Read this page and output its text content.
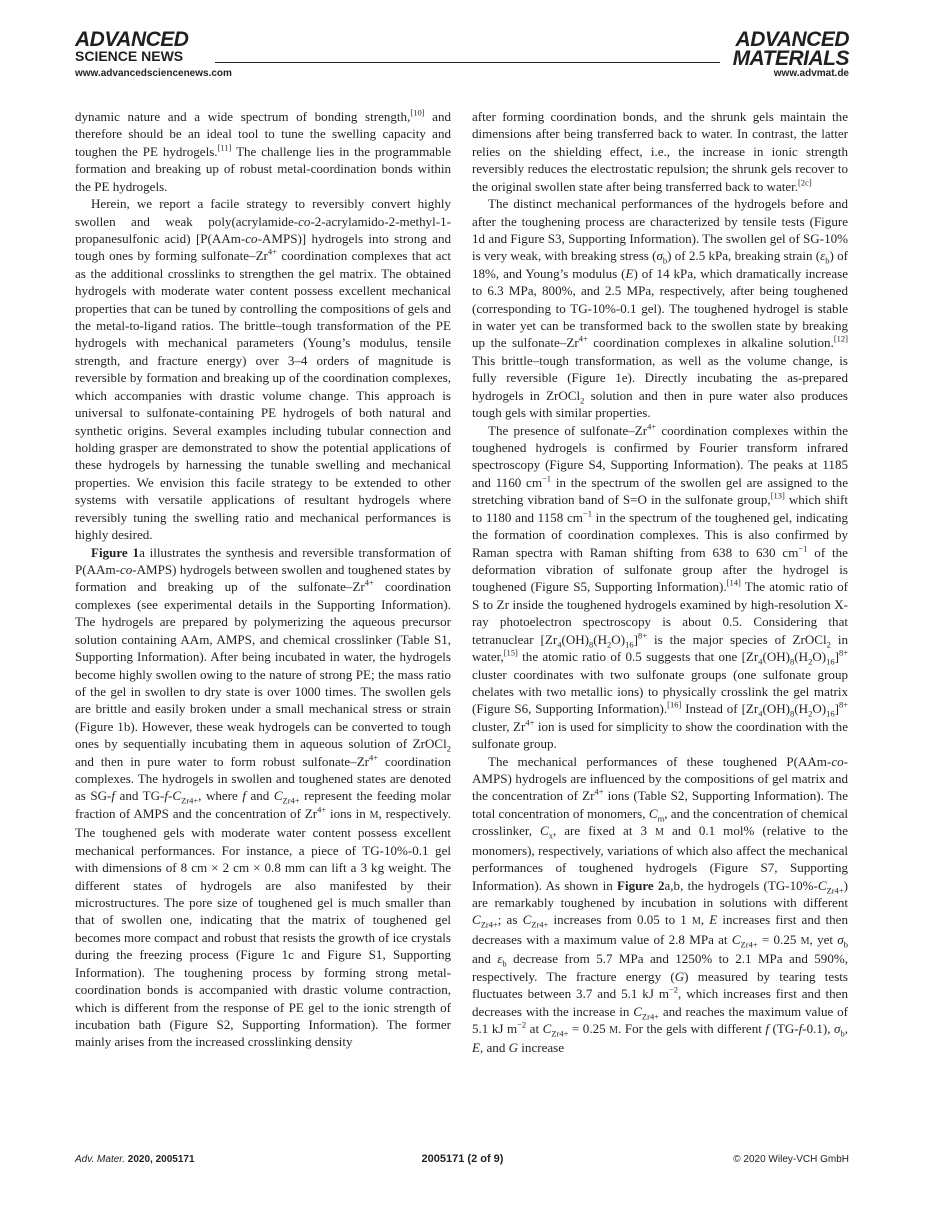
ADVANCED
SCIENCE NEWS
ADVANCED
MATERIALS
www.advancedsciencenews.com	www.advmat.de

dynamic nature and a wide spectrum of bonding strength,[10] and therefore should be an ideal tool to tune the swelling capacity and toughen the PE hydrogels.[11] The challenge lies in the programmable formation and breaking up of robust metal-coordination bonds within the PE hydrogels.

Herein, we report a facile strategy to reversibly convert highly swollen and weak poly(acrylamide-co-2-acrylamido-2-methyl-1-propanesulfonic acid) [P(AAm-co-AMPS)] hydrogels into strong and tough ones by forming sulfonate–$Zr^{4+}$ coordination complexes that act as the additional crosslinks to strengthen the gel matrix. The obtained hydrogels with moderate water content possess excellent mechanical properties that can be tuned by controlling the compositions of gels and the metal-to-ligand ratios. The brittle–tough transformation of the PE hydrogels with mechanical parameters (Young’s modulus, tensile strength, and fracture energy) over 3–4 orders of magnitude is reversible by formation and breaking up of the coordination complexes, which accompanies with drastic volume change. This approach is universal to sulfonate-containing PE hydrogels of both natural and synthetic origins. Several examples including tubular connection and holding grasper are demonstrated to show the potential applications of these hydrogels by harnessing the tunable swelling and mechanical properties. We envision this facile strategy to be extended to other systems with versatile applications of resultant hydrogels where reversibly tuning the swelling ratio and mechanical performances is highly desired.

Figure 1a illustrates the synthesis and reversible transformation of P(AAm-co-AMPS) hydrogels between swollen and toughened states by formation and breaking up of the sulfonate–$Zr^{4+}$ coordination complexes (see experimental details in the Supporting Information). The hydrogels are prepared by polymerizing the aqueous precursor solution containing AAm, AMPS, and chemical crosslinker (Table S1, Supporting Information). After being incubated in water, the hydrogels become highly swollen owing to the nature of strong PE; the mass ratio of the gel in swollen to dry state is over 1000 times. The swollen gels are brittle and easily broken under a small mechanical stress or strain (Figure 1b). However, these weak hydrogels can be converted to tough ones by sequentially incubating them in aqueous solution of ZrOCl$_2$ and then in pure water to form robust sulfonate–$Zr^{4+}$ coordination complexes. The hydrogels in swollen and toughened states are denoted as SG-f and $TG-f-C_{Zr4+}$, where f and $C_{Zr4+}$ represent the feeding molar fraction of AMPS and the concentration of $Zr^{4+}$ ions in M, respectively. The toughened gels with moderate water content possess excellent mechanical performances. For instance, a piece of TG-10%-0.1 gel with dimensions of 8 cm × 2 cm × 0.8 mm can lift a 3 kg weight. The different states of hydrogels are also manifested by their microstructures. The pore size of toughened gel is much smaller than that of swollen one, indicating that the matrix of toughened gel becomes more compact and robust that resists the growth of ice crystals during the freezing process (Figure 1c and Figure S1, Supporting Information). The toughening process by forming strong metal-coordination bonds is accompanied with drastic volume contraction, which is different from the response of PE gel to the ionic strength of incubation bath (Figure S2, Supporting Information). The former mainly arises from the increased crosslinking density

after forming coordination bonds, and the shrunk gels maintain the dimensions after being transferred back to water. In contrast, the latter relies on the shielding effect, i.e., the increase in ionic strength reversibly reduces the electrostatic repulsion; the shrunk gels recover to the original swollen state after being transferred back to water.[2c]

The distinct mechanical performances of the hydrogels before and after the toughening process are characterized by tensile tests (Figure 1d and Figure S3, Supporting Information). The swollen gel of SG-10% is very weak, with breaking stress $(\sigma_b)$ of 2.5 kPa, breaking strain $(\varepsilon_b)$ of 18%, and Young’s modulus (E) of 14 kPa, which dramatically increase to 6.3 MPa, 800%, and 2.5 MPa, respectively, after being toughened (corresponding to TG-10%-0.1 gel). The toughened hydrogel is stable in water yet can be transformed back to the swollen state by breaking up the sulfonate–$Zr^{4+}$ coordination complexes in alkaline solution.[12] This brittle–tough transformation, as well as the volume change, is fully reversible (Figure 1e). Directly incubating the as-prepared hydrogels in ZrOCl$_2$ solution and then in pure water also produces tough gels with similar properties.

The presence of sulfonate–$Zr^{4+}$ coordination complexes within the toughened hydrogels is confirmed by Fourier transform infrared spectroscopy (Figure S4, Supporting Information). The peaks at 1185 and 1160 $cm^{-1}$ in the spectrum of the swollen gel are assigned to the stretching vibration band of S=O in the sulfonate group,[13] which shift to 1180 and 1158 $cm^{-1}$ in the spectrum of the toughened gel, indicating the formation of coordination complexes. This is also confirmed by Raman spectra with Raman shifting from 638 to 630 $cm^{-1}$ of the deformation vibration of sulfonate group after the hydrogel is toughened (Figure S5, Supporting Information).[14] The atomic ratio of S to Zr inside the toughened hydrogels examined by high-resolution X-ray photoelectron spectroscopy is about 0.5. Considering that tetranuclear $[Zr_4(OH)_8(H_2O)_{16}]^{8+}$ is the major species of ZrOCl$_2$ in water,[15] the atomic ratio of 0.5 suggests that one $[Zr_4(OH)_8(H_2O)_{16}]^{8+}$ cluster coordinates with two sulfonate groups (one sulfonate group chelates with two metallic ions) to physically crosslink the gel matrix (Figure S6, Supporting Information).[16] Instead of $[Zr_4(OH)_8(H_2O)_{16}]^{8+}$ cluster, $Zr^{4+}$ ion is used for simplicity to show the coordination with the sulfonate group.

The mechanical performances of these toughened P(AAm-co-AMPS) hydrogels are influenced by the compositions of gel matrix and the concentration of $Zr^{4+}$ ions (Table S2, Supporting Information). The total concentration of monomers, $C_m$, and the concentration of chemical crosslinker, $C_x$, are fixed at 3 M and 0.1 mol% (relative to the monomers), respectively, variations of which also affect the mechanical performances of toughened hydrogels (Figure S7, Supporting Information). As shown in Figure 2a,b, the hydrogels $(TG-10\%-C_{Zr4+})$ are remarkably toughened by incubation in solutions with different $C_{Zr4+}$; as $C_{Zr4+}$ increases from 0.05 to 1 M, E increases first and then decreases with a maximum value of 2.8 MPa at $C_{Zr4+} = 0.25$ M, yet $\sigma_b$ and $\varepsilon_b$ decrease from 5.7 MPa and 1250% to 2.1 MPa and 590%, respectively. The fracture energy (G) measured by tearing tests fluctuates between 3.7 and 5.1 kJ $m^{-2}$, which increases first and then decreases with the increase in $C_{Zr4+}$ and reaches the maximum value of 5.1 kJ $m^{-2}$ at $C_{Zr4+} = 0.25$ M. For the gels with different f (TG-f-0.1), $\sigma_b$, E, and G increase

Adv. Mater. 2020, 2005171	2005171 (2 of 9)	© 2020 Wiley-VCH GmbH
